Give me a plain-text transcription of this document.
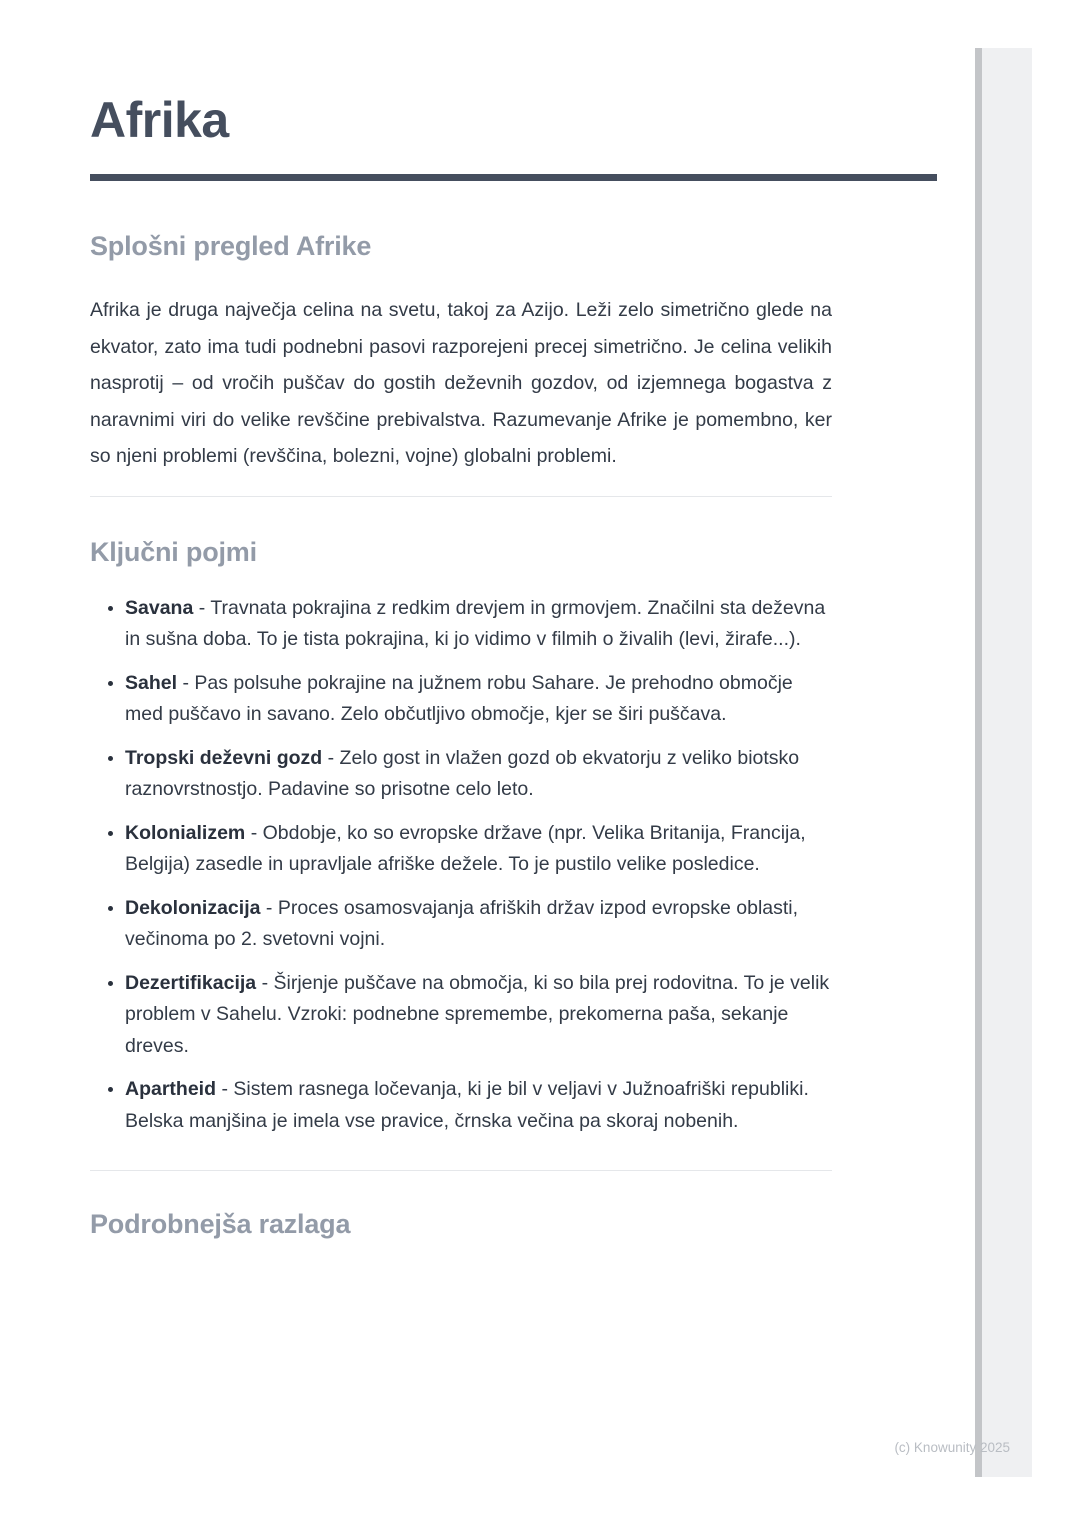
Afrika
Splošni pregled Afrike

Afrika je druga največja celina na svetu, takoj za Azijo. Leži zelo simetrično glede na ekvator, zato ima tudi podnebni pasovi razporejeni precej simetrično. Je celina velikih nasprotij – od vročih puščav do gostih deževnih gozdov, od izjemnega bogastva z naravnimi viri do velike revščine prebivalstva. Razumevanje Afrike je pomembno, ker so njeni problemi (revščina, bolezni, vojne) globalni problemi.

Ključni pojmi
• Savana - Travnata pokrajina z redkim drevjem in grmovjem. Značilni sta deževna in sušna doba. To je tista pokrajina, ki jo vidimo v filmih o živalih (levi, žirafe...).
• Sahel - Pas polsuhe pokrajine na južnem robu Sahare. Je prehodno območje med puščavo in savano. Zelo občutljivo območje, kjer se širi puščava.
• Tropski deževni gozd - Zelo gost in vlažen gozd ob ekvatorju z veliko biotsko raznovrstnostjo. Padavine so prisotne celo leto.
• Kolonializem - Obdobje, ko so evropske države (npr. Velika Britanija, Francija, Belgija) zasedle in upravljale afriške dežele. To je pustilo velike posledice.
• Dekolonizacija - Proces osamosvajanja afriških držav izpod evropske oblasti, večinoma po 2. svetovni vojni.
• Dezertifikacija - Širjenje puščave na območja, ki so bila prej rodovitna. To je velik problem v Sahelu. Vzroki: podnebne spremembe, prekomerna paša, sekanje dreves.
• Apartheid - Sistem rasnega ločevanja, ki je bil v veljavi v Južnoafriški republiki. Belska manjšina je imela vse pravice, črnska večina pa skoraj nobenih.
Podrobnejša razlaga
(c) Knowunity 2025
